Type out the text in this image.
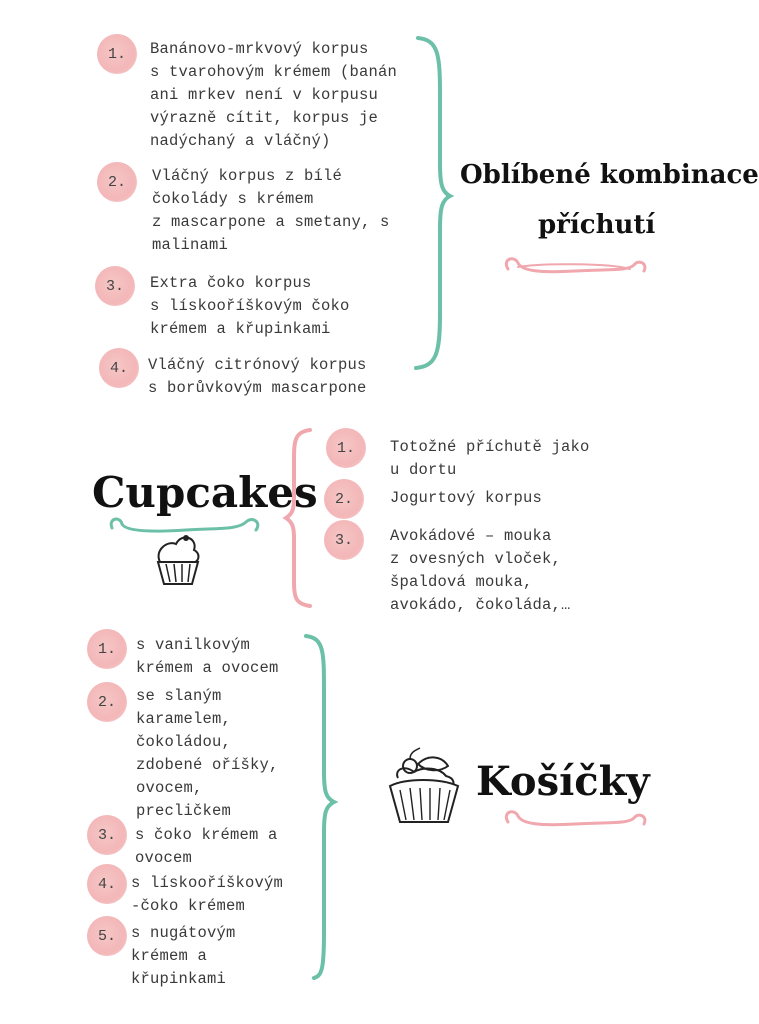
1.	Banánovo-mrkvový korpus
s tvarohovým krémem (banán
ani mrkev není v korpusu
výrazně cítit, korpus je
nadýchaný a vláčný)
2.	Vláčný korpus z bílé
čokolády s krémem
z mascarpone a smetany, s
malinami
3.	Extra čoko korpus
s lískooříškovým čoko
krémem a křupinkami
4.	Vláčný citrónový korpus
s borůvkovým mascarpone
Oblíbené kombinace
příchutí
Cupcakes
1.	Totožné příchutě jako
u dortu
2.	Jogurtový korpus
3.	Avokádové – mouka
z ovesných vloček,
špaldová mouka,
avokádo, čokoláda,…
1.	s vanilkovým
krémem a ovocem
2.	se slaným
karamelem,
čokoládou,
zdobené oříšky,
ovocem,
precličkem
3.	s čoko krémem a
ovocem
4. s lískooříškovým
-čoko krémem
5. s nugátovým
krémem a
křupinkami
Košíčky
